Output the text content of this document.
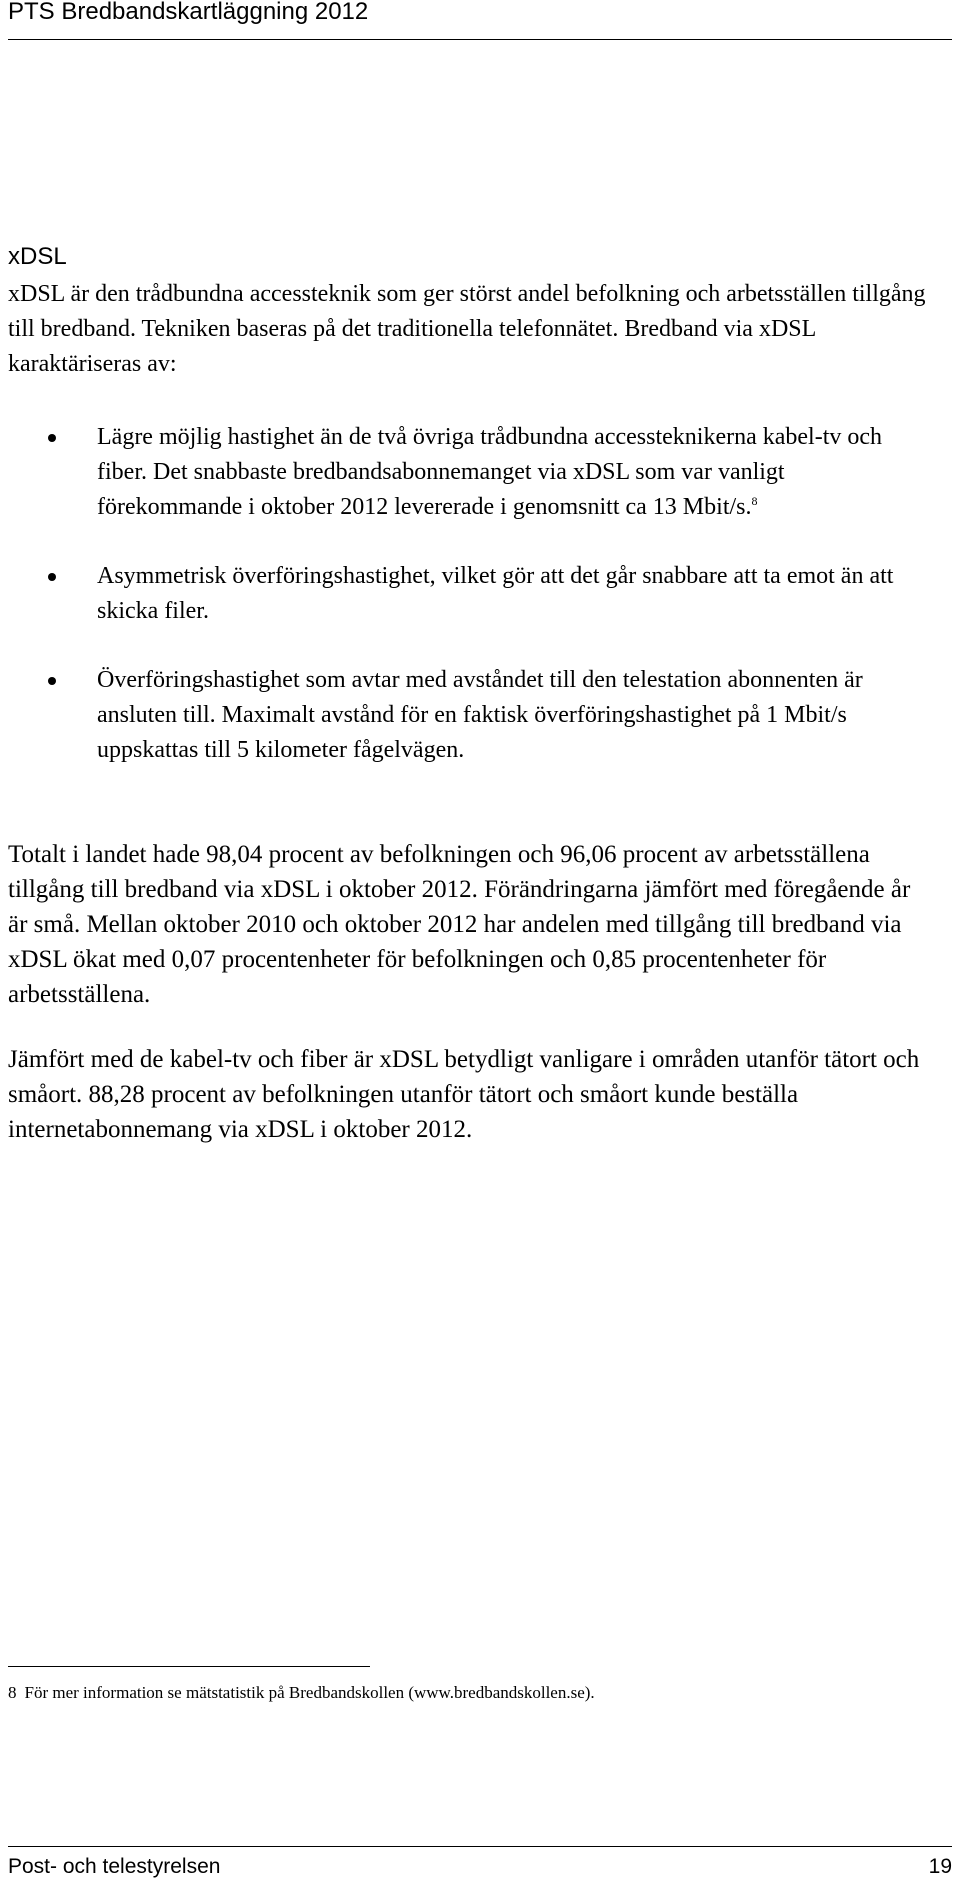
PTS Bredbandskartläggning 2012
xDSL

xDSL är den trådbundna accessteknik som ger störst andel befolkning och arbetsställen tillgång till bredband. Tekniken baseras på det traditionella telefonnätet. Bredband via xDSL karaktäriseras av:

Lägre möjlig hastighet än de två övriga trådbundna accessteknikerna kabel-tv och fiber. Det snabbaste bredbandsabonnemanget via xDSL som var vanligt förekommande i oktober 2012 levererade i genomsnitt ca 13 Mbit/s.$^8$
Asymmetrisk överföringshastighet, vilket gör att det går snabbare att ta emot än att skicka filer.
Överföringshastighet som avtar med avståndet till den telestation abonnenten är ansluten till. Maximalt avstånd för en faktisk överföringshastighet på 1 Mbit/s uppskattas till 5 kilometer fågelvägen.

Totalt i landet hade 98,04 procent av befolkningen och 96,06 procent av arbetsställena tillgång till bredband via xDSL i oktober 2012. Förändringarna jämfört med föregående år är små. Mellan oktober 2010 och oktober 2012 har andelen med tillgång till bredband via xDSL ökat med 0,07 procentenheter för befolkningen och 0,85 procentenheter för arbetsställena.

Jämfört med de kabel-tv och fiber är xDSL betydligt vanligare i områden utanför tätort och småort. 88,28 procent av befolkningen utanför tätort och småort kunde beställa internetabonnemang via xDSL i oktober 2012.

8 För mer information se mätstatistik på Bredbandskollen (www.bredbandskollen.se).
Post- och telestyrelsen	19
